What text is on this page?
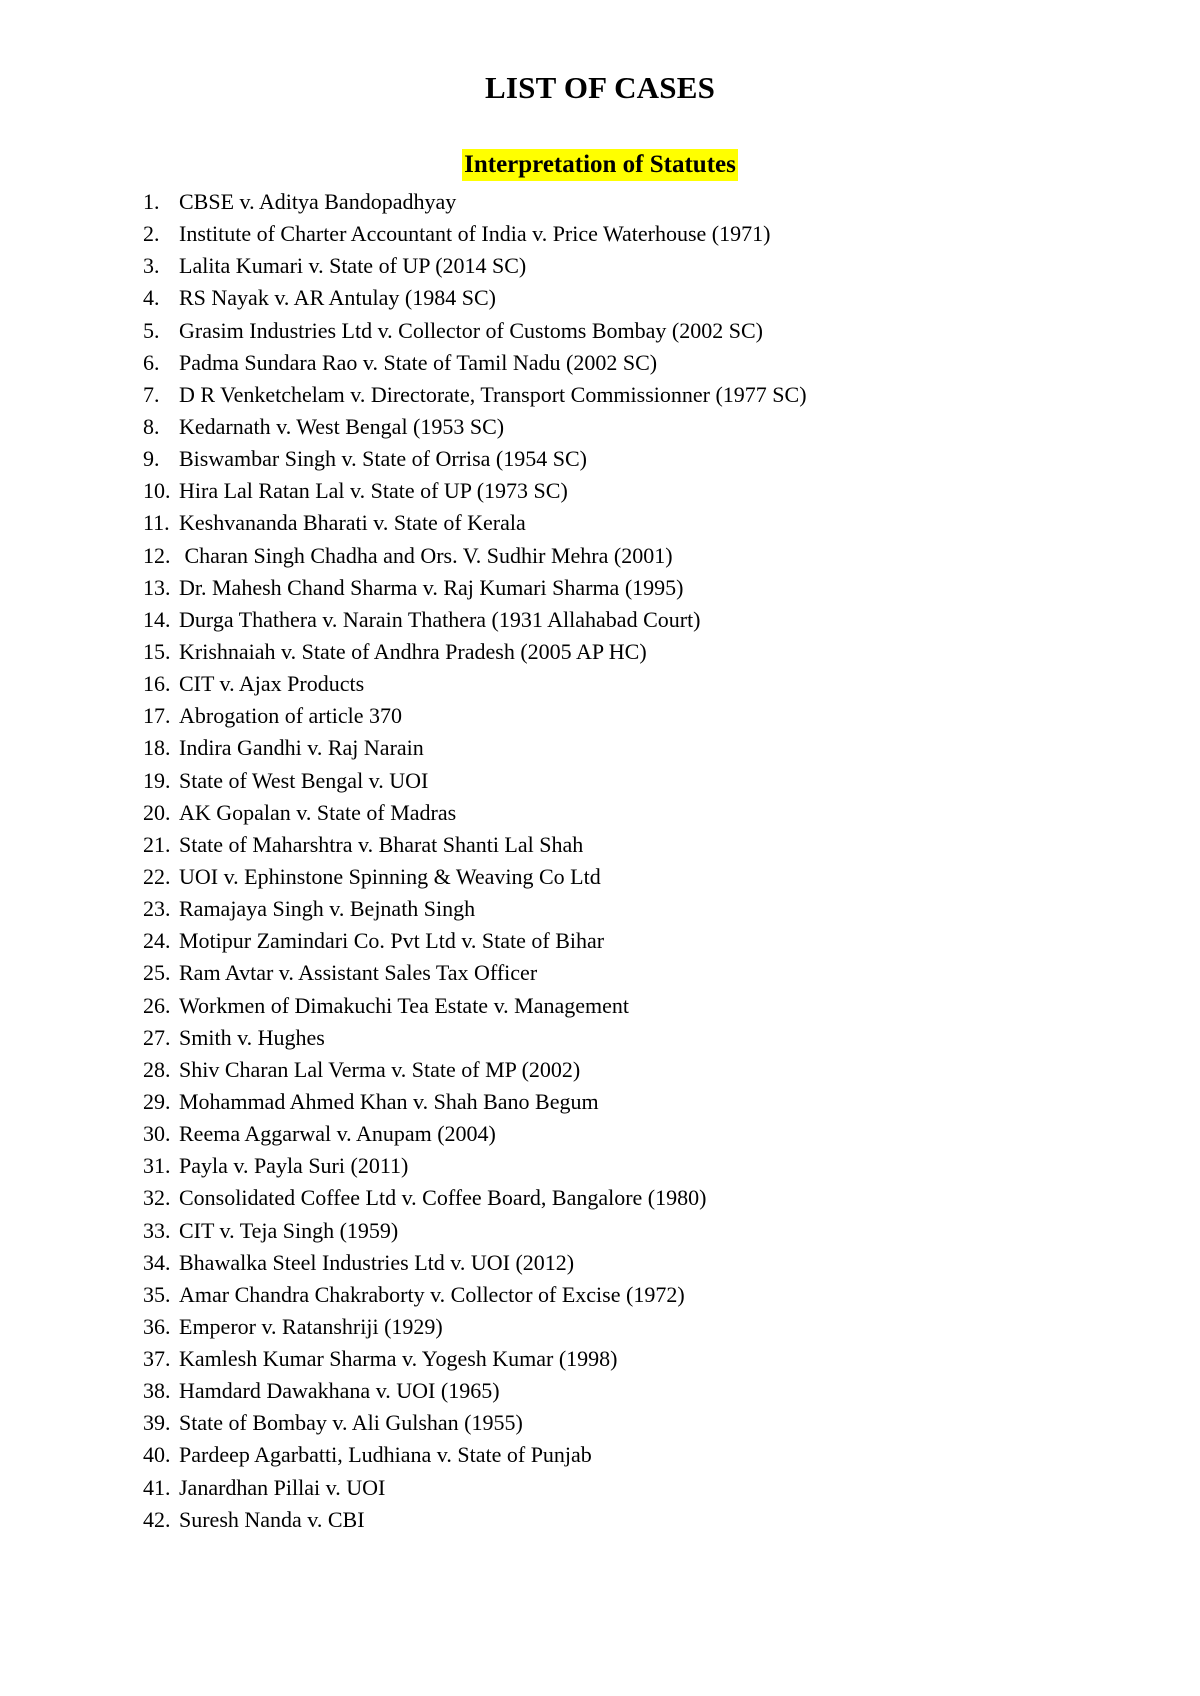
LIST OF CASES
Interpretation of Statutes
1. CBSE v. Aditya Bandopadhyay
2. Institute of Charter Accountant of India v. Price Waterhouse (1971)
3. Lalita Kumari v. State of UP (2014 SC)
4. RS Nayak v. AR Antulay (1984 SC)
5. Grasim Industries Ltd v. Collector of Customs Bombay (2002 SC)
6. Padma Sundara Rao v. State of Tamil Nadu (2002 SC)
7. D R Venketchelam v. Directorate, Transport Commissionner (1977 SC)
8. Kedarnath v. West Bengal (1953 SC)
9. Biswambar Singh v. State of Orrisa (1954 SC)
10. Hira Lal Ratan Lal v. State of UP (1973 SC)
11. Keshvananda Bharati v. State of Kerala
12. Charan Singh Chadha and Ors. V. Sudhir Mehra (2001)
13. Dr. Mahesh Chand Sharma v. Raj Kumari Sharma (1995)
14. Durga Thathera v. Narain Thathera (1931 Allahabad Court)
15. Krishnaiah v. State of Andhra Pradesh (2005 AP HC)
16. CIT v. Ajax Products
17. Abrogation of article 370
18. Indira Gandhi v. Raj Narain
19. State of West Bengal v. UOI
20. AK Gopalan v. State of Madras
21. State of Maharshtra v. Bharat Shanti Lal Shah
22. UOI v. Ephinstone Spinning & Weaving Co Ltd
23. Ramajaya Singh v. Bejnath Singh
24. Motipur Zamindari Co. Pvt Ltd v. State of Bihar
25. Ram Avtar v. Assistant Sales Tax Officer
26. Workmen of Dimakuchi Tea Estate v. Management
27. Smith v. Hughes
28. Shiv Charan Lal Verma v. State of MP (2002)
29. Mohammad Ahmed Khan v. Shah Bano Begum
30. Reema Aggarwal v. Anupam (2004)
31. Payla v. Payla Suri (2011)
32. Consolidated Coffee Ltd v. Coffee Board, Bangalore (1980)
33. CIT v. Teja Singh (1959)
34. Bhawalka Steel Industries Ltd v. UOI (2012)
35. Amar Chandra Chakraborty v. Collector of Excise (1972)
36. Emperor v. Ratanshriji (1929)
37. Kamlesh Kumar Sharma v. Yogesh Kumar (1998)
38. Hamdard Dawakhana v. UOI (1965)
39. State of Bombay v. Ali Gulshan (1955)
40. Pardeep Agarbatti, Ludhiana v. State of Punjab
41. Janardhan Pillai v. UOI
42. Suresh Nanda v. CBI
